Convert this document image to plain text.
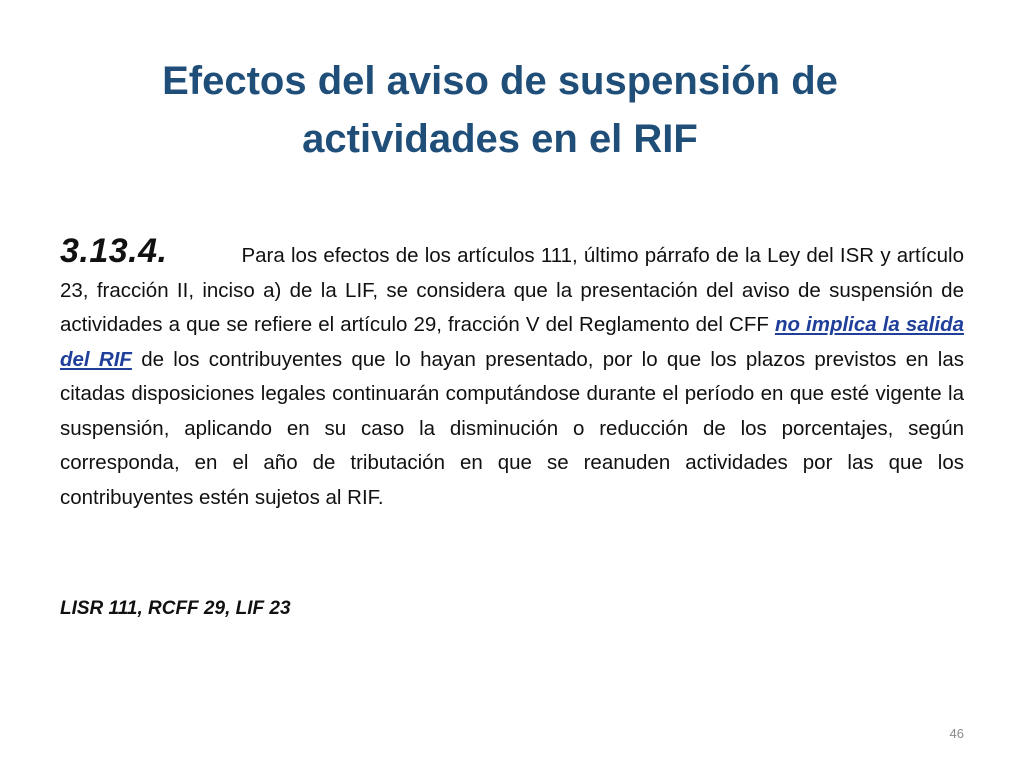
Efectos del aviso de suspensión de
actividades en el RIF
3.13.4.	Para los efectos de los artículos 111, último párrafo de la Ley del ISR y artículo 23, fracción II, inciso a) de la LIF, se considera que la presentación del aviso de suspensión de actividades a que se refiere el artículo 29, fracción V del Reglamento del CFF no implica la salida del RIF de los contribuyentes que lo hayan presentado, por lo que los plazos previstos en las citadas disposiciones legales continuarán computándose durante el período en que esté vigente la suspensión, aplicando en su caso la disminución o reducción de los porcentajes, según corresponda, en el año de tributación en que se reanuden actividades por las que los contribuyentes estén sujetos al RIF.
LISR 111, RCFF 29, LIF 23
46
